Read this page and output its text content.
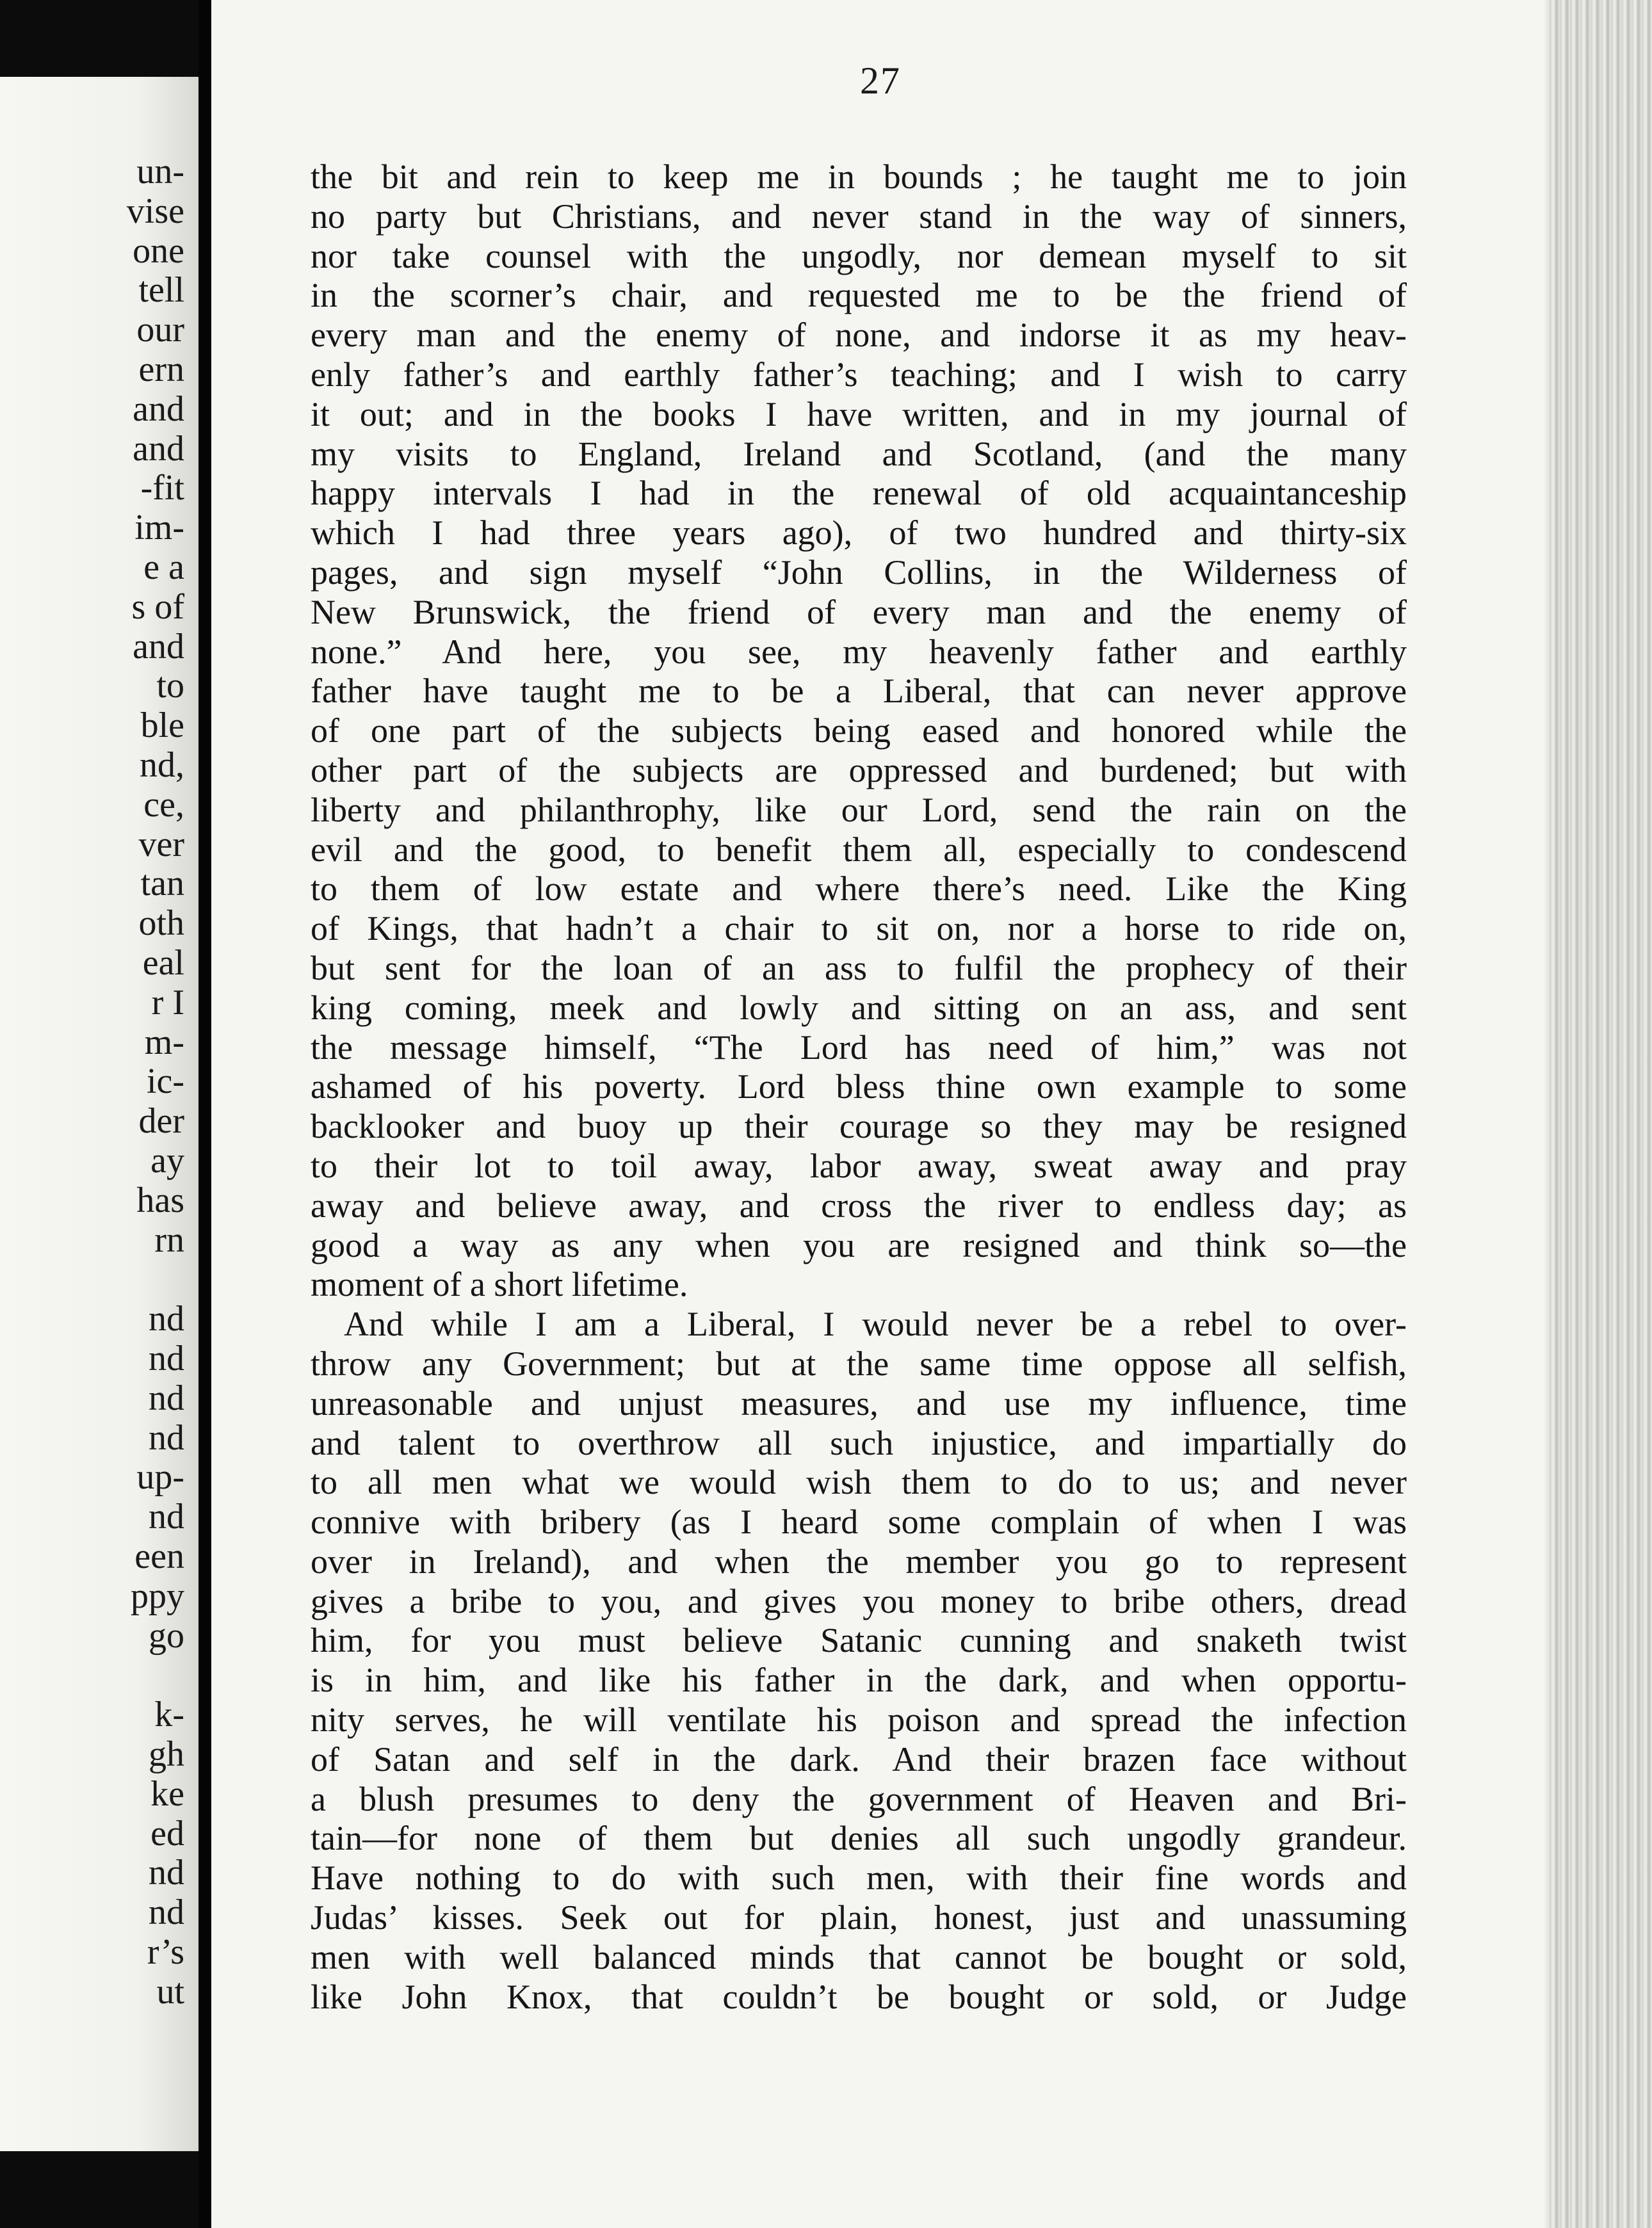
un-
vise
one
tell
our
ern
and
and
-fit
im-
e a
s of
and
to
ble
nd,
ce,
ver
tan
oth
eal
r I
m-
ic-
der
ay
has
rn
nd
nd
nd
nd
up-
nd
een
ppy
go
k-
gh
ke
ed
nd
nd
r’s
ut
27
the bit and rein to keep me in bounds ; he taught me to join
no party but Christians, and never stand in the way of sinners,
nor take counsel with the ungodly, nor demean myself to sit
in the scorner’s chair, and requested me to be the friend of
every man and the enemy of none, and indorse it as my heav-
enly father’s and earthly father’s teaching; and I wish to carry
it out; and in the books I have written, and in my journal of
my visits to England, Ireland and Scotland, (and the many
happy intervals I had in the renewal of old acquaintanceship
which I had three years ago), of two hundred and thirty-six
pages, and sign myself “John Collins, in the Wilderness of
New Brunswick, the friend of every man and the enemy of
none.” And here, you see, my heavenly father and earthly
father have taught me to be a Liberal, that can never approve
of one part of the subjects being eased and honored while the
other part of the subjects are oppressed and burdened; but with
liberty and philanthrophy, like our Lord, send the rain on the
evil and the good, to benefit them all, especially to condescend
to them of low estate and where there’s need. Like the King
of Kings, that hadn’t a chair to sit on, nor a horse to ride on,
but sent for the loan of an ass to fulfil the prophecy of their
king coming, meek and lowly and sitting on an ass, and sent
the message himself, “The Lord has need of him,” was not
ashamed of his poverty. Lord bless thine own example to some
backlooker and buoy up their courage so they may be resigned
to their lot to toil away, labor away, sweat away and pray
away and believe away, and cross the river to endless day; as
good a way as any when you are resigned and think so—the
moment of a short lifetime.
And while I am a Liberal, I would never be a rebel to over-
throw any Government; but at the same time oppose all selfish,
unreasonable and unjust measures, and use my influence, time
and talent to overthrow all such injustice, and impartially do
to all men what we would wish them to do to us; and never
connive with bribery (as I heard some complain of when I was
over in Ireland), and when the member you go to represent
gives a bribe to you, and gives you money to bribe others, dread
him, for you must believe Satanic cunning and snaketh twist
is in him, and like his father in the dark, and when opportu-
nity serves, he will ventilate his poison and spread the infection
of Satan and self in the dark. And their brazen face without
a blush presumes to deny the government of Heaven and Bri-
tain—for none of them but denies all such ungodly grandeur.
Have nothing to do with such men, with their fine words and
Judas’ kisses. Seek out for plain, honest, just and unassuming
men with well balanced minds that cannot be bought or sold,
like John Knox, that couldn’t be bought or sold, or Judge
